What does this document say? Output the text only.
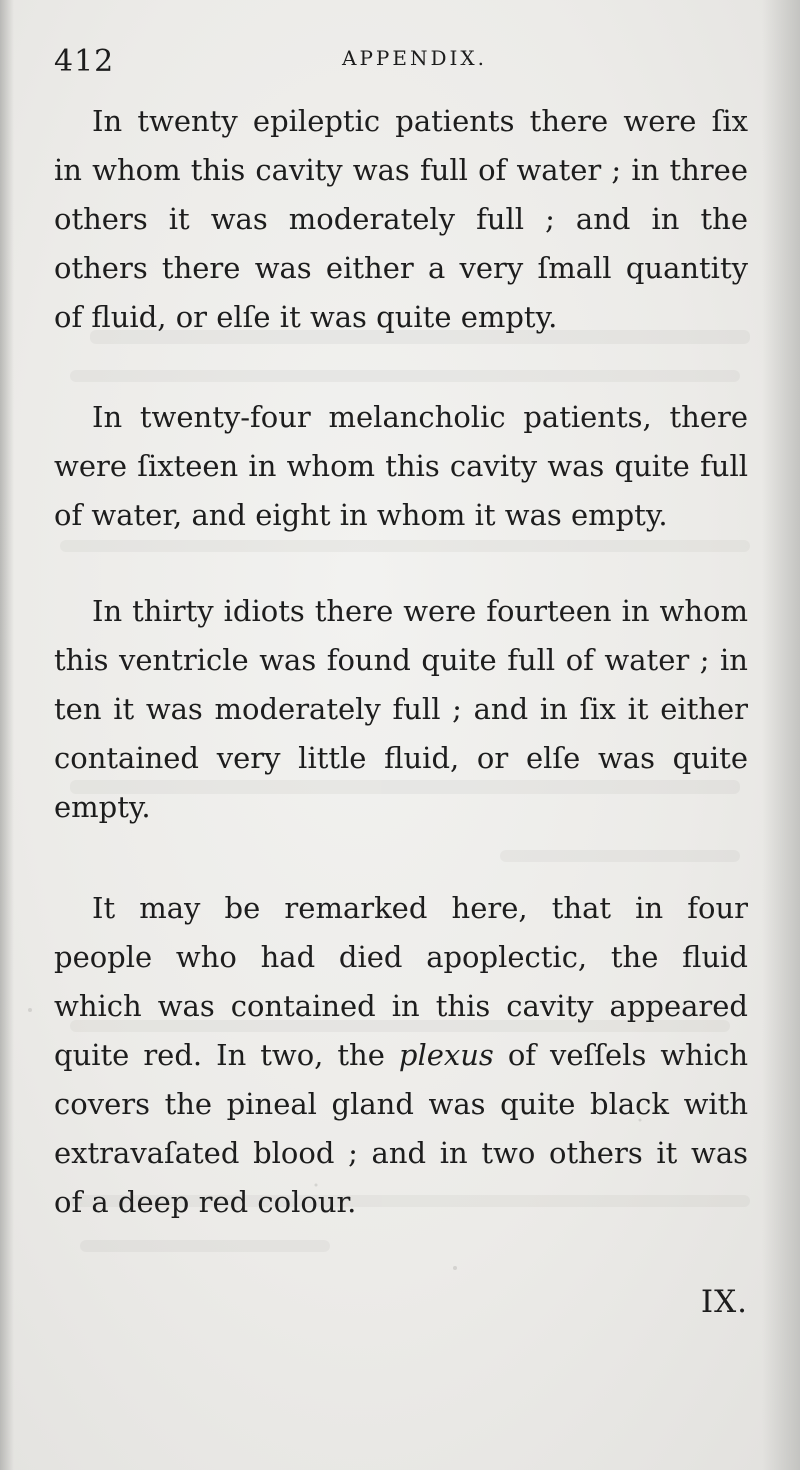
412	APPENDIX.

In twenty epileptic patients there were ſix in whom this cavity was full of water ; in three others it was moderately full ; and in the others there was either a very ſmall quantity of fluid, or elſe it was quite empty.

In twenty-four melancholic patients, there were ſixteen in whom this cavity was quite full of water, and eight in whom it was empty.

In thirty idiots there were fourteen in whom this ventricle was found quite full of water ; in ten it was moderately full ; and in ſix it either contained very little fluid, or elſe was quite empty.

It may be remarked here, that in four people who had died apoplectic, the fluid which was contained in this cavity appeared quite red. In two, the plexus of veſſels which covers the pineal gland was quite black with extravaſated blood ; and in two others it was of a deep red colour.

IX.
